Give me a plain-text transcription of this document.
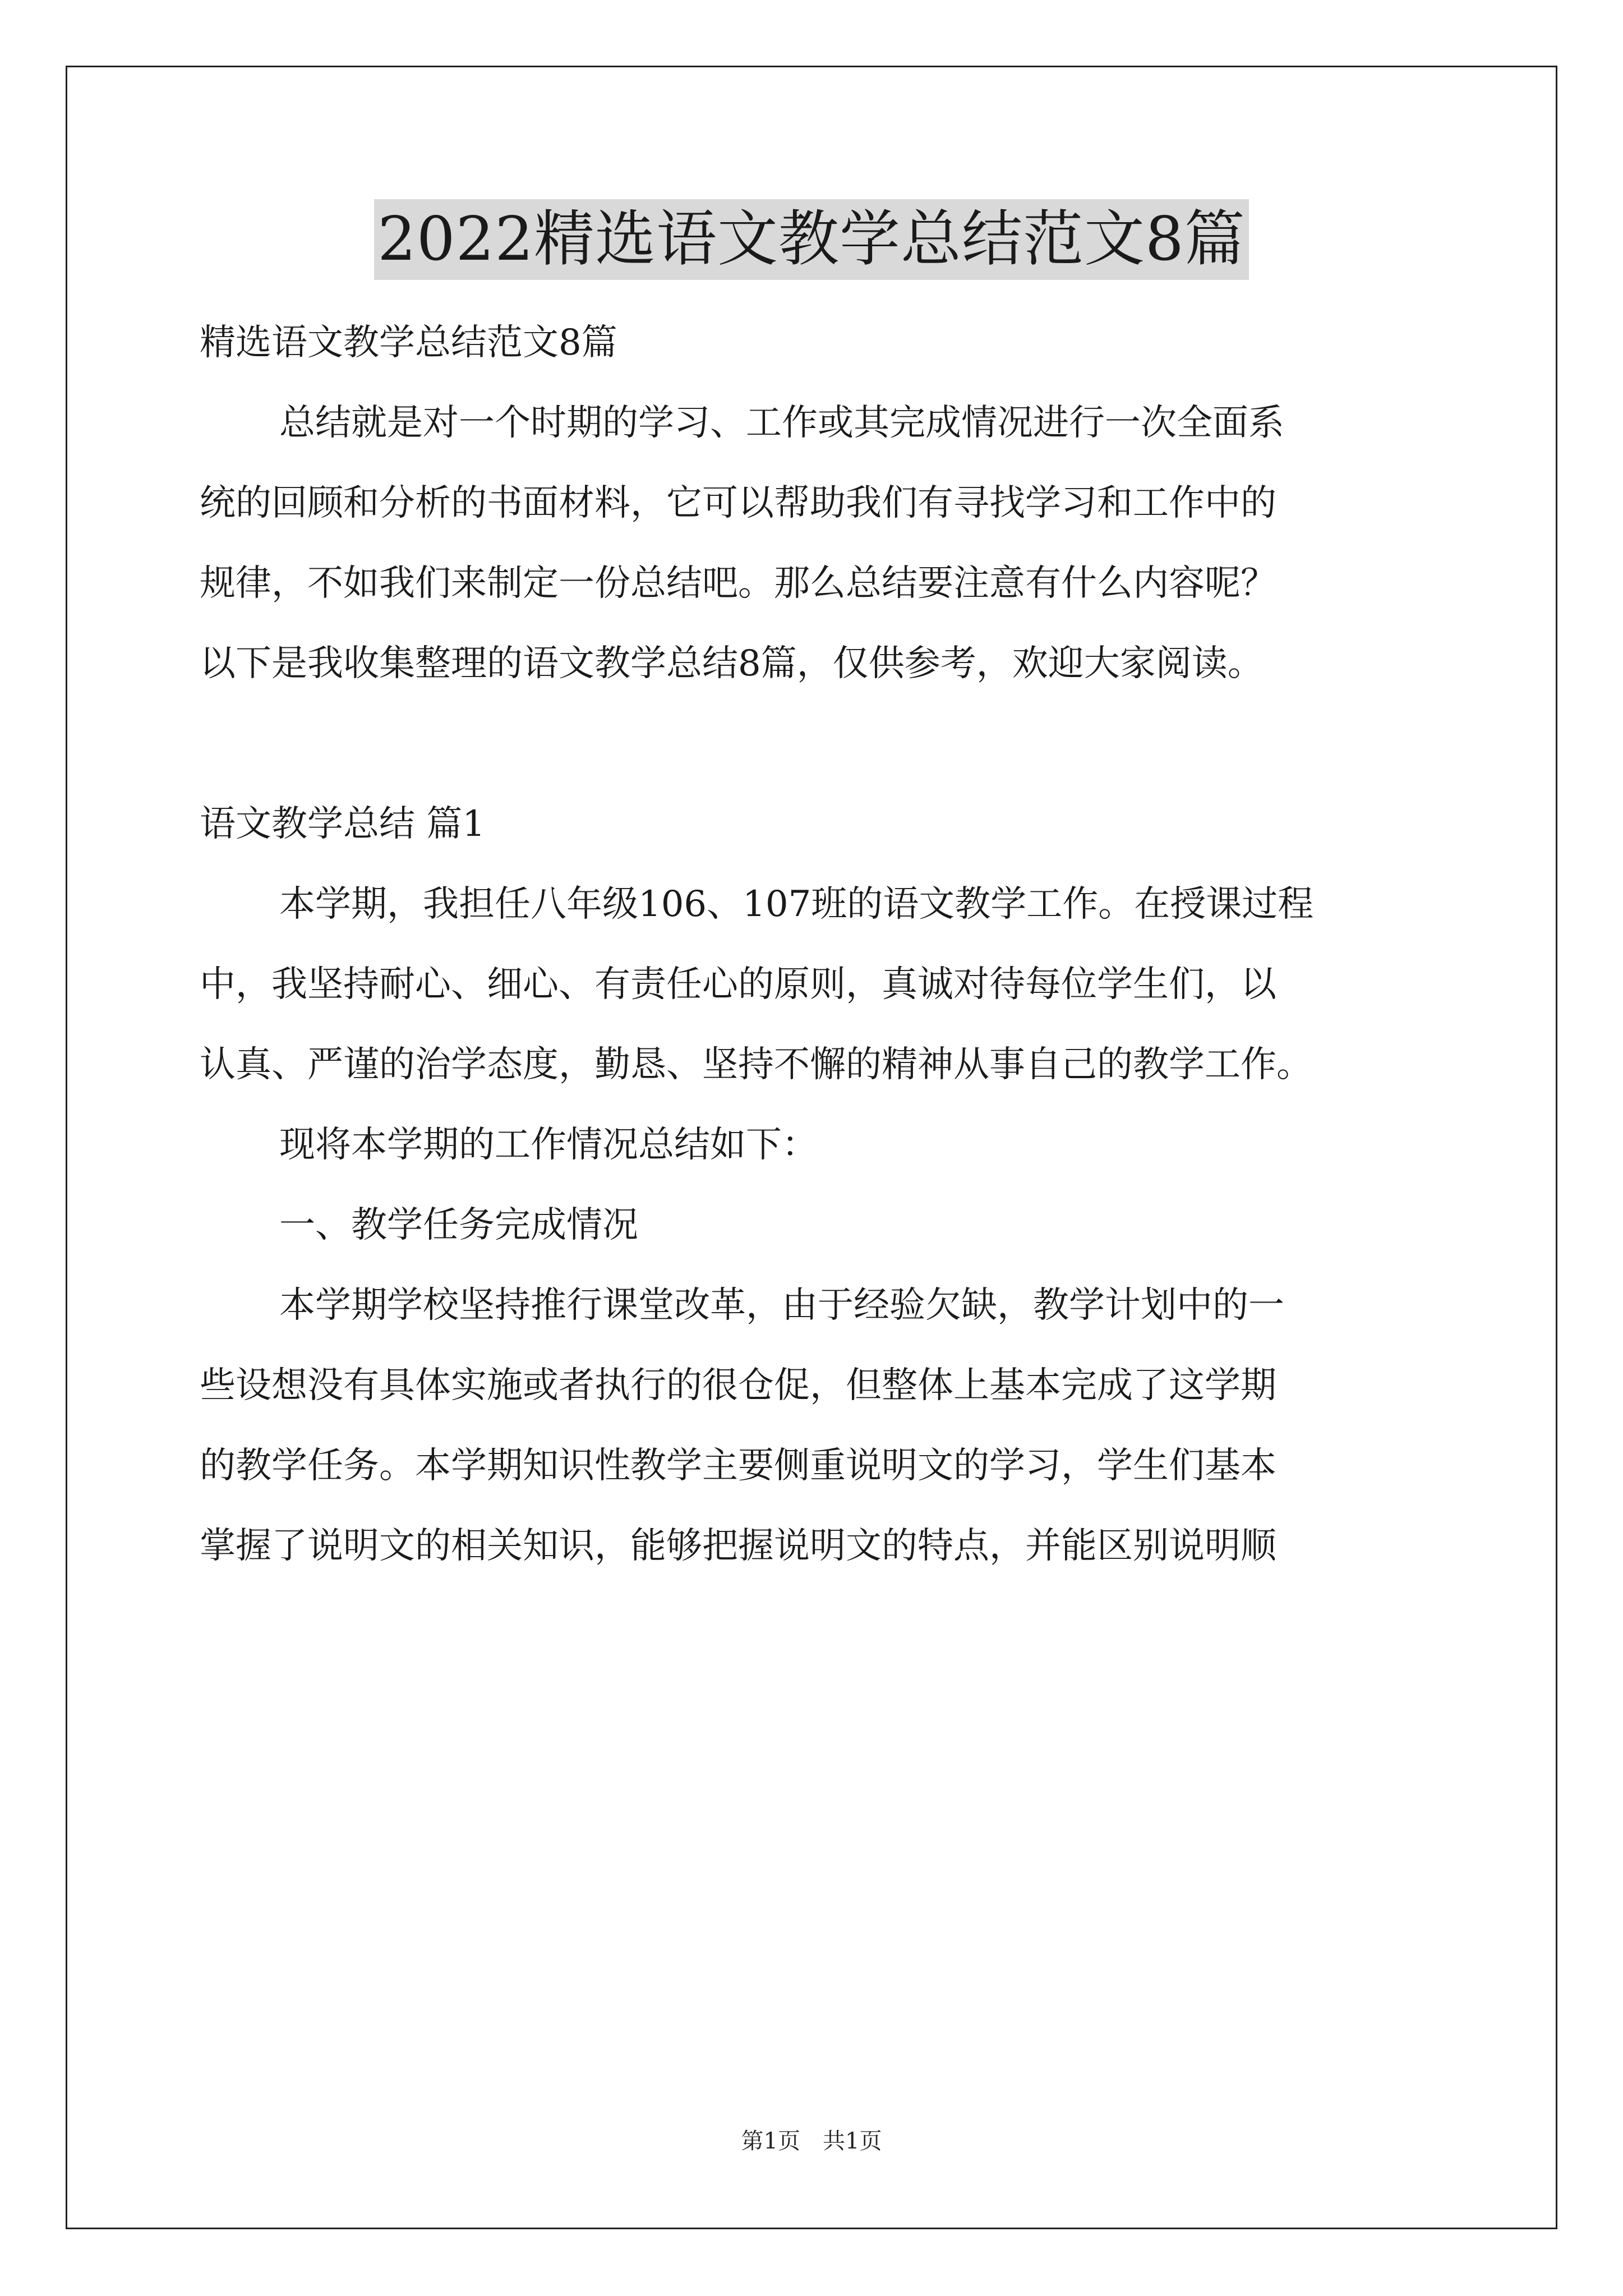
2022精选语文教学总结范文8篇

精选语文教学总结范文8篇

总结就是对一个时期的学习、工作或其完成情况进行一次全面系

统的回顾和分析的书面材料，它可以帮助我们有寻找学习和工作中的

规律，不如我们来制定一份总结吧。那么总结要注意有什么内容呢？

以下是我收集整理的语文教学总结8篇，仅供参考，欢迎大家阅读。

语文教学总结 篇1

本学期，我担任八年级106、107班的语文教学工作。在授课过程

中，我坚持耐心、细心、有责任心的原则，真诚对待每位学生们，以

认真、严谨的治学态度，勤恳、坚持不懈的精神从事自己的教学工作。

现将本学期的工作情况总结如下：

一、教学任务完成情况

本学期学校坚持推行课堂改革，由于经验欠缺，教学计划中的一

些设想没有具体实施或者执行的很仓促，但整体上基本完成了这学期

的教学任务。本学期知识性教学主要侧重说明文的学习，学生们基本

掌握了说明文的相关知识，能够把握说明文的特点，并能区别说明顺

第1页　共1页
